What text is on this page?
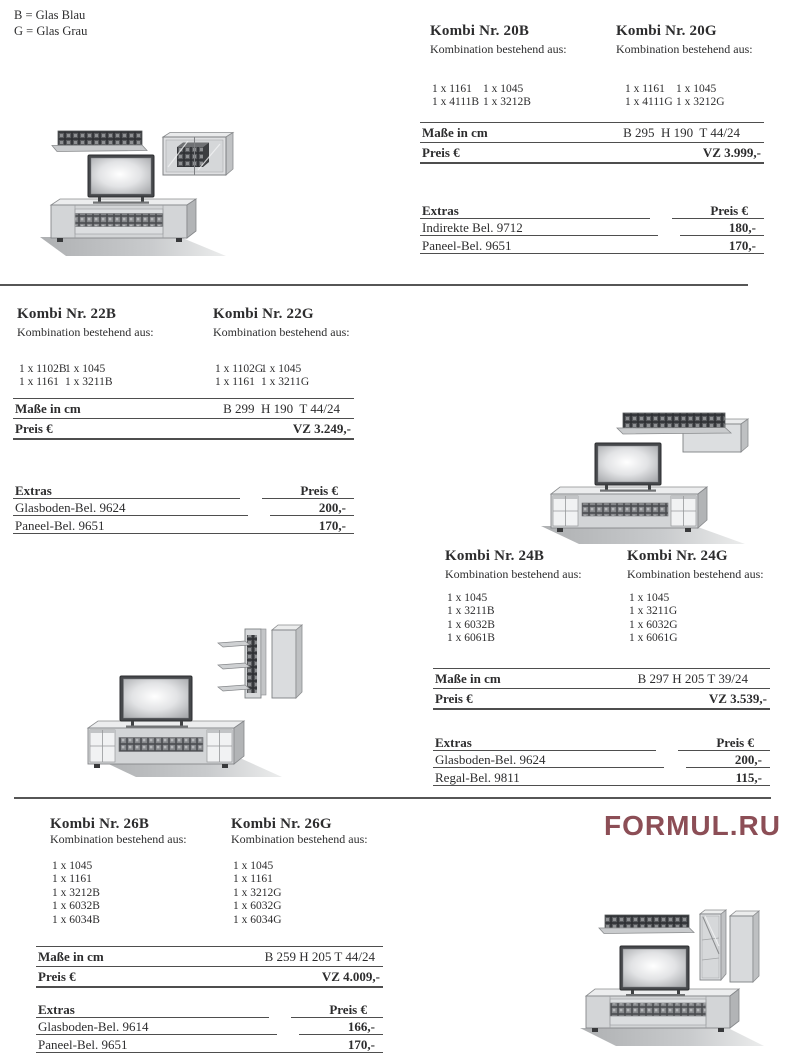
B = Glas Blau
G = Glas Grau
FORMUL.RU
Kombi Nr. 20B
Kombination bestehend aus:
1 x 1161 1 x 1045
1 x 4111B 1 x 3212B
Kombi Nr. 20G
Kombination bestehend aus:
1 x 1161 1 x 1045
1 x 4111G 1 x 3212G
Maße in cm	B 295  H 190  T 44/24
Preis €	VZ 3.999,-
Extras	Preis €
Indirekte Bel. 9712	180,-
Paneel-Bel. 9651	170,-
Kombi Nr. 22B
Kombination bestehend aus:
1 x 1102B1 x 1045
1 x 1161 1 x 3211B
Kombi Nr. 22G
Kombination bestehend aus:
1 x 1102G1 x 1045
1 x 1161 1 x 3211G
Maße in cm	B 299  H 190  T 44/24
Preis €	VZ 3.249,-
Extras	Preis €
Glasboden-Bel. 9624	200,-
Paneel-Bel. 9651	170,-
Kombi Nr. 24B
Kombination bestehend aus:
1 x 1045
1 x 3211B
1 x 6032B
1 x 6061B
Kombi Nr. 24G
Kombination bestehend aus:
1 x 1045
1 x 3211G
1 x 6032G
1 x 6061G
Maße in cm	B 297 H 205 T 39/24
Preis €	VZ 3.539,-
Extras	Preis €
Glasboden-Bel. 9624	200,-
Regal-Bel. 9811	115,-
Kombi Nr. 26B
Kombination bestehend aus:
1 x 1045
1 x 1161
1 x 3212B
1 x 6032B
1 x 6034B
Kombi Nr. 26G
Kombination bestehend aus:
1 x 1045
1 x 1161
1 x 3212G
1 x 6032G
1 x 6034G
Maße in cm	B 259 H 205 T 44/24
Preis €	VZ 4.009,-
Extras	Preis €
Glasboden-Bel. 9614	166,-
Paneel-Bel. 9651	170,-
